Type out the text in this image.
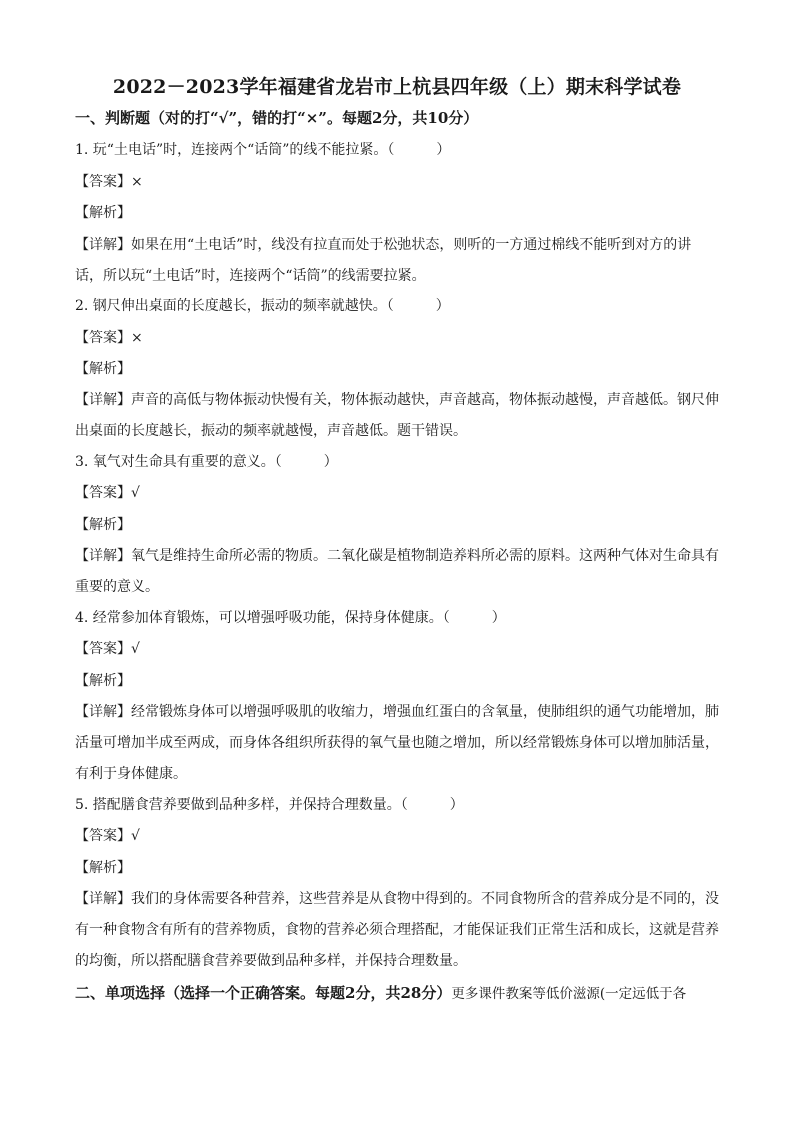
2022－2023学年福建省龙岩市上杭县四年级（上）期末科学试卷
一、判断题（对的打“√”，错的打“×”。每题2分，共10分）
1. 玩“土电话”时，连接两个“话筒”的线不能拉紧。（　　　）
【答案】×
【解析】
【详解】如果在用“土电话”时，线没有拉直而处于松弛状态，则听的一方通过棉线不能听到对方的讲
话，所以玩“土电话”时，连接两个“话筒”的线需要拉紧。
2. 钢尺伸出桌面的长度越长，振动的频率就越快。（　　　）
【答案】×
【解析】
【详解】声音的高低与物体振动快慢有关，物体振动越快，声音越高，物体振动越慢，声音越低。钢尺伸
出桌面的长度越长，振动的频率就越慢，声音越低。题干错误。
3. 氧气对生命具有重要的意义。（　　　）
【答案】√
【解析】
【详解】氧气是维持生命所必需的物质。二氧化碳是植物制造养料所必需的原料。这两种气体对生命具有
重要的意义。
4. 经常参加体育锻炼，可以增强呼吸功能，保持身体健康。（　　　）
【答案】√
【解析】
【详解】经常锻炼身体可以增强呼吸肌的收缩力，增强血红蛋白的含氧量，使肺组织的通气功能增加，肺
活量可增加半成至两成，而身体各组织所获得的氧气量也随之增加，所以经常锻炼身体可以增加肺活量，
有利于身体健康。
5. 搭配膳食营养要做到品种多样，并保持合理数量。（　　　）
【答案】√
【解析】
【详解】我们的身体需要各种营养，这些营养是从食物中得到的。不同食物所含的营养成分是不同的，没
有一种食物含有所有的营养物质，食物的营养必须合理搭配，才能保证我们正常生活和成长，这就是营养
的均衡，所以搭配膳食营养要做到品种多样，并保持合理数量。
二、单项选择（选择一个正确答案。每题2分，共28分）更多课件教案等低价滋源(一定远低于各
